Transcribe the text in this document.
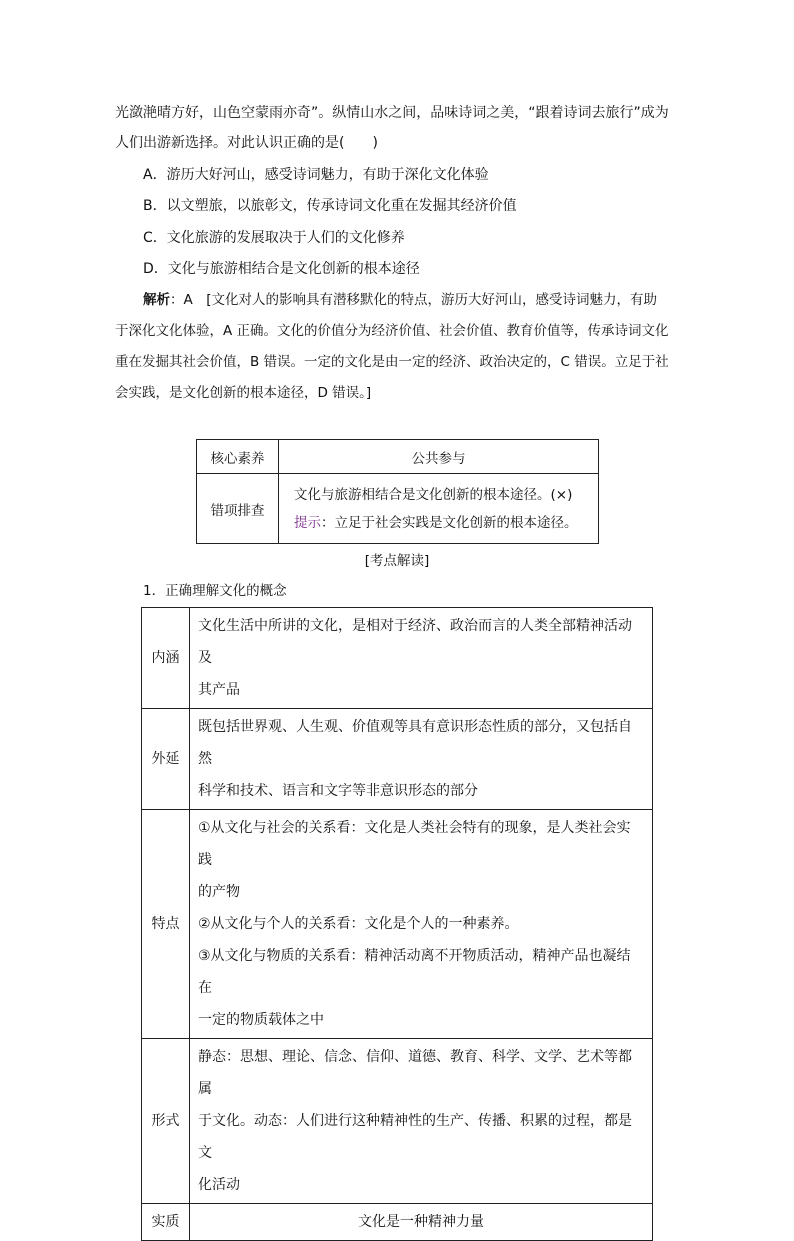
光潋滟晴方好，山色空蒙雨亦奇”。纵情山水之间，品味诗词之美，“跟着诗词去旅行”成为
人们出游新选择。对此认识正确的是(　　)
A．游历大好河山，感受诗词魅力，有助于深化文化体验
B．以文塑旅，以旅彰文，传承诗词文化重在发掘其经济价值
C．文化旅游的发展取决于人们的文化修养
D．文化与旅游相结合是文化创新的根本途径
解析：A　[文化对人的影响具有潜移默化的特点，游历大好河山，感受诗词魅力，有助
于深化文化体验，A 正确。文化的价值分为经济价值、社会价值、教育价值等，传承诗词文化
重在发掘其社会价值，B 错误。一定的文化是由一定的经济、政治决定的，C 错误。立足于社
会实践，是文化创新的根本途径，D 错误。]
核心素养	公共参与
错项排查	文化与旅游相结合是文化创新的根本途径。(×)
提示：立足于社会实践是文化创新的根本途径。
[考点解读]
1．正确理解文化的概念
内涵	文化生活中所讲的文化，是相对于经济、政治而言的人类全部精神活动及
其产品

外延	既包括世界观、人生观、价值观等具有意识形态性质的部分，又包括自然
科学和技术、语言和文字等非意识形态的部分

特点	①从文化与社会的关系看：文化是人类社会特有的现象，是人类社会实践
的产物
②从文化与个人的关系看：文化是个人的一种素养。
③从文化与物质的关系看：精神活动离不开物质活动，精神产品也凝结在
一定的物质载体之中

形式	静态：思想、理论、信念、信仰、道德、教育、科学、文学、艺术等都属
于文化。动态：人们进行这种精神性的生产、传播、积累的过程，都是文
化活动

实质	文化是一种精神力量
